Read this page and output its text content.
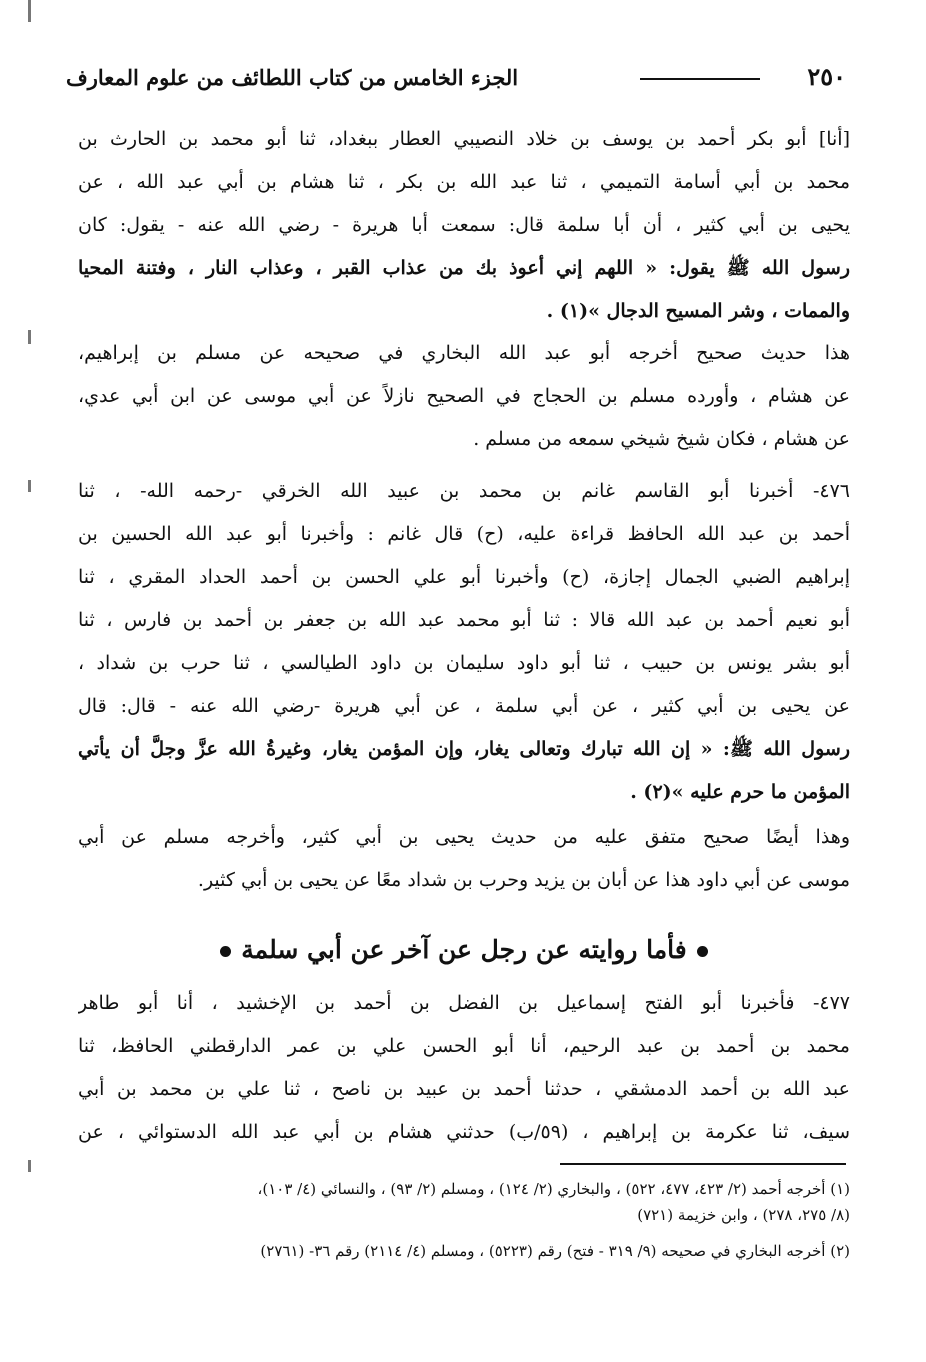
٢٥٠
الجزء الخامس من كتاب اللطائف من علوم المعارف
[أنا] أبو بكر أحمد بن يوسف بن خلاد النصيبي العطار ببغداد، ثنا أبو محمد بن الحارث بن
محمد بن أبي أسامة التميمي ، ثنا عبد الله بن بكر ، ثنا هشام بن أبي عبد الله ، عن
يحيى بن أبي كثير ، أن أبا سلمة قال: سمعت أبا هريرة - رضي الله عنه - يقول: كان
رسول الله ﷺ يقول: « اللهم إني أعوذ بك من عذاب القبر ، وعذاب النار ، وفتنة المحيا
والممات ، وشر المسيح الدجال »(١) .
هذا حديث صحيح أخرجه أبو عبد الله البخاري في صحيحه عن مسلم بن إبراهيم،
عن هشام ، وأورده مسلم بن الحجاج في الصحيح نازلاً عن أبي موسى عن ابن أبي عدي،
عن هشام ، فكان شيخ شيخي سمعه من مسلم .
٤٧٦- أخبرنا أبو القاسم غانم بن محمد بن عبيد الله الخرقي -رحمه الله- ، ثنا
أحمد بن عبد الله الحافظ قراءة عليه، (ح) قال غانم : وأخبرنا أبو عبد الله الحسين بن
إبراهيم الضبي الجمال إجازة، (ح) وأخبرنا أبو علي الحسن بن أحمد الحداد المقري ، ثنا
أبو نعيم أحمد بن عبد الله قالا : ثنا أبو محمد عبد الله بن جعفر بن أحمد بن فارس ، ثنا
أبو بشر يونس بن حبيب ، ثنا أبو داود سليمان بن داود الطيالسي ، ثنا حرب بن شداد ،
عن يحيى بن أبي كثير ، عن أبي سلمة ، عن أبي هريرة -رضي الله عنه - قال: قال
رسول الله ﷺ: « إن الله تبارك وتعالى يغار، وإن المؤمن يغار، وغيرةُ الله عزَّ وجلَّ أن يأتي
المؤمن ما حرم عليه »(٢) .
وهذا أيضًا صحيح متفق عليه من حديث يحيى بن أبي كثير، وأخرجه مسلم عن أبي
موسى عن أبي داود هذا عن أبان بن يزيد وحرب بن شداد معًا عن يحيى بن أبي كثير.
فأما روايته عن رجل عن آخر عن أبي سلمة
٤٧٧- فأخبرنا أبو الفتح إسماعيل بن الفضل بن أحمد بن الإخشيد ، أنا أبو طاهر
محمد بن أحمد بن عبد الرحيم، أنا أبو الحسن علي بن عمر الدارقطني الحافظ، ثنا
عبد الله بن أحمد الدمشقي ، حدثنا أحمد بن عبيد بن ناصح ، ثنا علي بن محمد بن أبي
سيف، ثنا عكرمة بن إبراهيم ، (٥٩/ب) حدثني هشام بن أبي عبد الله الدستوائي ، عن
(١) أخرجه أحمد (٢/ ٤٢٣، ٤٧٧، ٥٢٢) ، والبخاري (٢/ ١٢٤) ، ومسلم (٢/ ٩٣) ، والنسائي (٤/ ١٠٣)،
(٨/ ٢٧٥، ٢٧٨) ، وابن خزيمة (٧٢١)
(٢) أخرجه البخاري في صحيحه (٩/ ٣١٩ - فتح) رقم (٥٢٢٣) ، ومسلم (٤/ ٢١١٤) رقم ٣٦- (٢٧٦١)
